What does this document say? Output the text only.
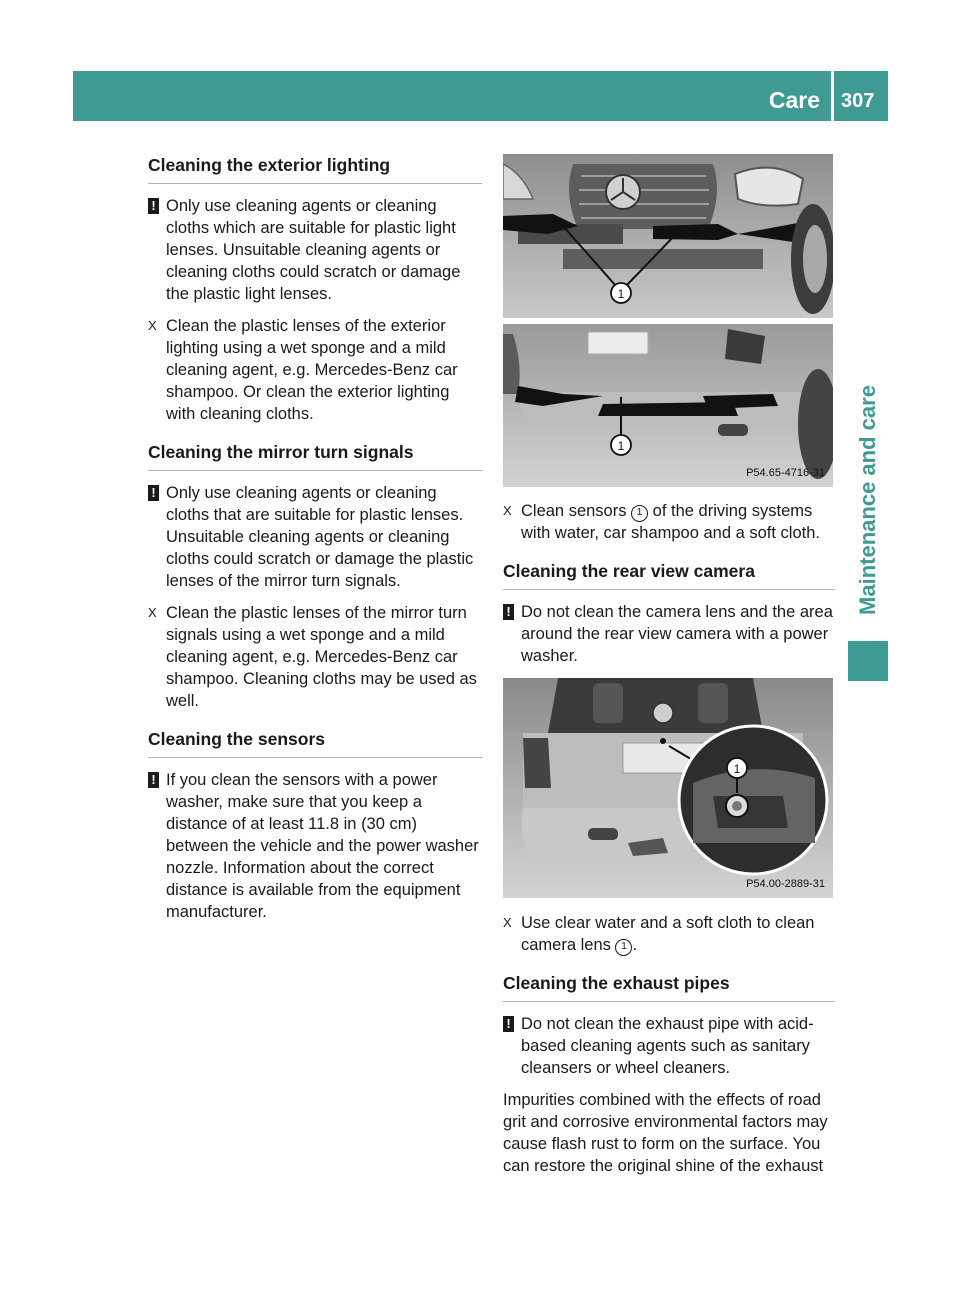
Care 307
Maintenance and care
Cleaning the exterior lighting
! Only use cleaning agents or cleaning cloths which are suitable for plastic light lenses. Unsuitable cleaning agents or cleaning cloths could scratch or damage the plastic light lenses.
X Clean the plastic lenses of the exterior lighting using a wet sponge and a mild cleaning agent, e.g. Mercedes-Benz car shampoo. Or clean the exterior lighting with cleaning cloths.
Cleaning the mirror turn signals
! Only use cleaning agents or cleaning cloths that are suitable for plastic lenses. Unsuitable cleaning agents or cleaning cloths could scratch or damage the plastic lenses of the mirror turn signals.
X Clean the plastic lenses of the mirror turn signals using a wet sponge and a mild cleaning agent, e.g. Mercedes-Benz car shampoo. Cleaning cloths may be used as well.
Cleaning the sensors
! If you clean the sensors with a power washer, make sure that you keep a distance of at least 11.8 in (30 cm) between the vehicle and the power washer nozzle. Information about the correct distance is available from the equipment manufacturer.
1
1
P54.65-4716-31
X Clean sensors 1 of the driving systems with water, car shampoo and a soft cloth.
Cleaning the rear view camera
! Do not clean the camera lens and the area around the rear view camera with a power washer.
1
P54.00-2889-31
X Use clear water and a soft cloth to clean camera lens 1 .
Cleaning the exhaust pipes
! Do not clean the exhaust pipe with acid-based cleaning agents such as sanitary cleansers or wheel cleaners.
Impurities combined with the effects of road grit and corrosive environmental factors may cause flash rust to form on the surface. You can restore the original shine of the exhaust
